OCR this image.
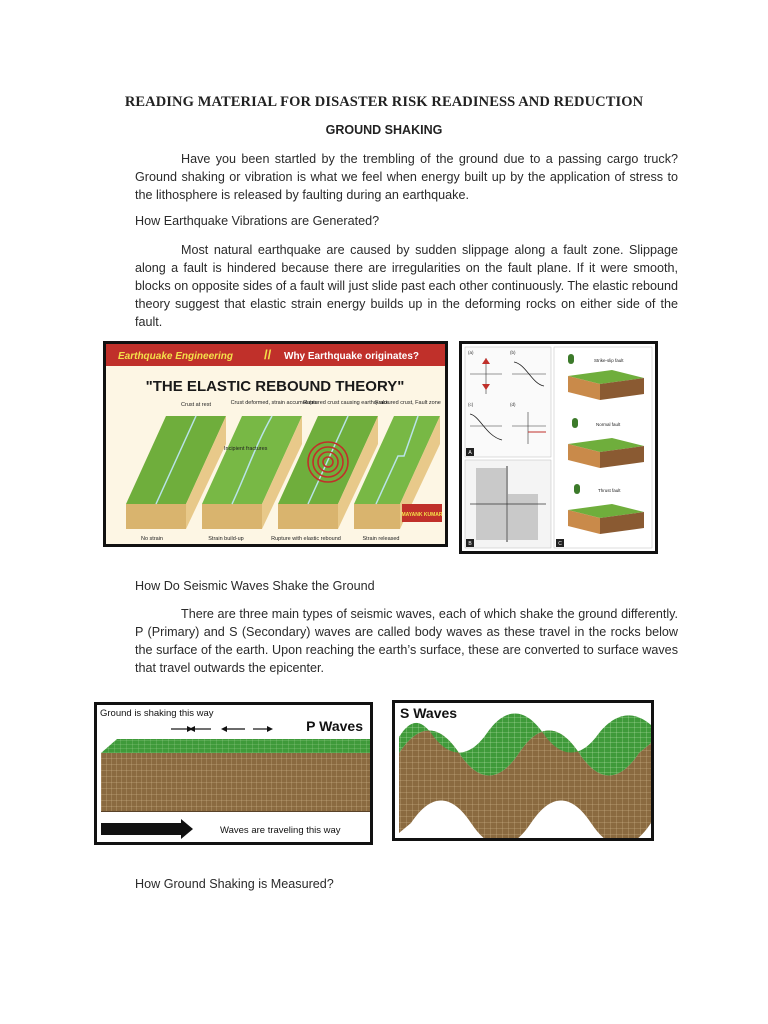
READING MATERIAL FOR DISASTER RISK READINESS AND REDUCTION
GROUND SHAKING

Have you been startled by the trembling of the ground due to a passing cargo truck? Ground shaking or vibration is what we feel when energy built up by the application of stress to the lithosphere is released by faulting during an earthquake.

How Earthquake Vibrations are Generated?

Most natural earthquake are caused by sudden slippage along a fault zone. Slippage along a fault is hindered because there are irregularities on the fault plane. If it were smooth, blocks on opposite sides of a fault will just slide past each other continuously. The elastic rebound theory suggest that elastic strain energy builds up in the deforming rocks on either side of the fault.

Earthquake Engineering // Why Earthquake originates?
"THE ELASTIC REBOUND THEORY"
Crust at rest	Crust deformed, strain accumulates
Ruptured crust causing earthquake
Fractured crust, Fault zone
Incipient fractures
MAYANK KUMAR
No strain	Strain build-up	Rupture with elastic rebound	Strain released
(a)	(b)
(c)	(d)
A
B
Strike-slip fault
Normal fault
Thrust fault
C

How Do Seismic Waves Shake the Ground

There are three main types of seismic waves, each of which shake the ground differently. P (Primary) and S (Secondary) waves are called body waves as these travel in the rocks below the surface of the earth. Upon reaching the earth’s surface, these are converted to surface waves that travel outwards the epicenter.

Ground is shaking this way
P Waves
Waves are traveling this way
S Waves

How Ground Shaking is Measured?
